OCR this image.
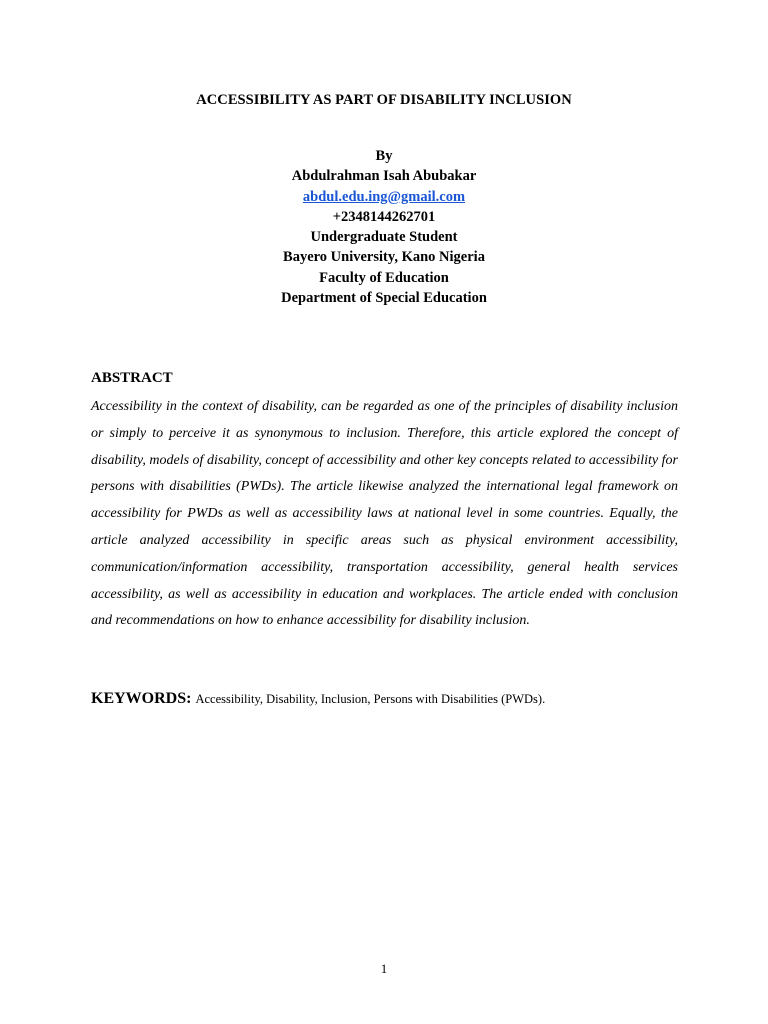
ACCESSIBILITY AS PART OF DISABILITY INCLUSION
By
Abdulrahman Isah Abubakar
abdul.edu.ing@gmail.com
+2348144262701
Undergraduate Student
Bayero University, Kano Nigeria
Faculty of Education
Department of Special Education
ABSTRACT
Accessibility in the context of disability, can be regarded as one of the principles of disability inclusion or simply to perceive it as synonymous to inclusion. Therefore, this article explored the concept of disability, models of disability, concept of accessibility and other key concepts related to accessibility for persons with disabilities (PWDs). The article likewise analyzed the international legal framework on accessibility for PWDs as well as accessibility laws at national level in some countries. Equally, the article analyzed accessibility in specific areas such as physical environment accessibility, communication/information accessibility, transportation accessibility, general health services accessibility, as well as accessibility in education and workplaces. The article ended with conclusion and recommendations on how to enhance accessibility for disability inclusion.
KEYWORDS: Accessibility, Disability, Inclusion, Persons with Disabilities (PWDs).
1
